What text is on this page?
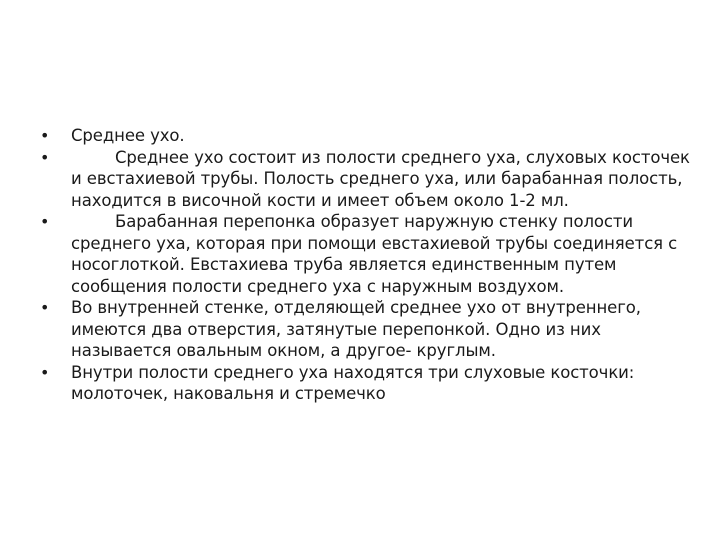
• Среднее ухо.
•	Среднее ухо состоит из полости среднего уха, слуховых косточек и евстахиевой трубы. Полость среднего уха, или барабанная полость, находится в височной кости и имеет объем около 1-2 мл.
•	Барабанная перепонка образует наружную стенку полости среднего уха, которая при помощи евстахиевой трубы соединяется с носоглоткой. Евстахиева труба является единственным путем сообщения полости среднего уха с наружным воздухом.
• Во внутренней стенке, отделяющей среднее ухо от внутреннего, имеются два отверстия, затянутые перепонкой. Одно из них называется овальным окном, а другое- круглым.
• Внутри полости среднего уха находятся три слуховые косточки: молоточек, наковальня и стремечко
